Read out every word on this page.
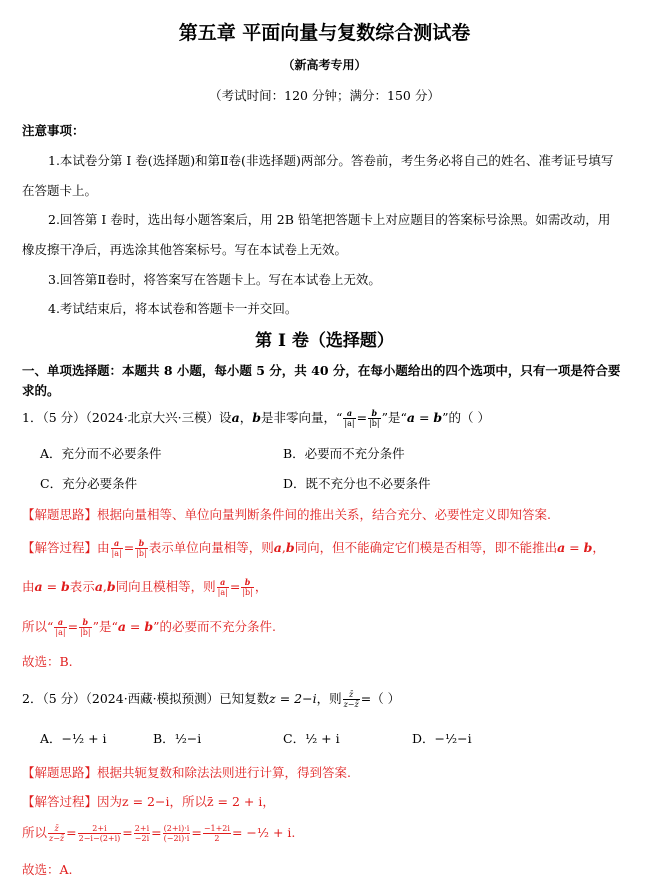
第五章 平面向量与复数综合测试卷
（新高考专用）
（考试时间：120 分钟；满分：150 分）
注意事项：
1.本试卷分第 I 卷(选择题)和第Ⅱ卷(非选择题)两部分。答卷前，考生务必将自己的姓名、准考证号填写
在答题卡上。
2.回答第 I 卷时，选出每小题答案后，用 2B 铅笔把答题卡上对应题目的答案标号涂黑。如需改动，用
橡皮擦干净后，再选涂其他答案标号。写在本试卷上无效。
3.回答第Ⅱ卷时，将答案写在答题卡上。写在本试卷上无效。
4.考试结束后，将本试卷和答题卡一并交回。
第 I 卷（选择题）
一、单项选择题：本题共 8 小题，每小题 5 分，共 40 分，在每小题给出的四个选项中，只有一项是符合要
求的。
1．（5 分）（2024·北京大兴·三模）设a，b是非零向量，“ $\frac{a}{|a|} = \frac{b}{|b|}$ ”是“a = b”的（ ）
A．充分而不必要条件	B．必要而不充分条件
C．充分必要条件	D．既不充分也不必要条件
【解题思路】根据向量相等、单位向量判断条件间的推出关系，结合充分、必要性定义即知答案.
【解答过程】由 $\frac{a}{|a|} = \frac{b}{|b|}$ 表示单位向量相等，则a,b同向，但不能确定它们模是否相等，即不能推出a = b，
由a = b表示a,b同向且模相等，则 $\frac{a}{|a|} = \frac{b}{|b|}$ ，
所以“ $\frac{a}{|a|} = \frac{b}{|b|}$ ”是“a = b”的必要而不充分条件.
故选：B.
2．（5 分）（2024·西藏·模拟预测）已知复数z = 2−i，则 $\frac{z̄}{z-z̄}$ =（ ）
A．−½ + i	B．½−i	C．½ + i	D．−½−i
【解题思路】根据共轭复数和除法法则进行计算，得到答案.
【解答过程】因为z = 2−i，所以z̄ = 2 + i，
所以 $\frac{z̄}{z-z̄} = \frac{2+i}{2-i-(2+i)} = \frac{2+i}{-2i} = \frac{(2+i)\cdot i}{(-2i)\cdot i} = \frac{-1+2i}{2}$ = −½ + i.
故选：A.
